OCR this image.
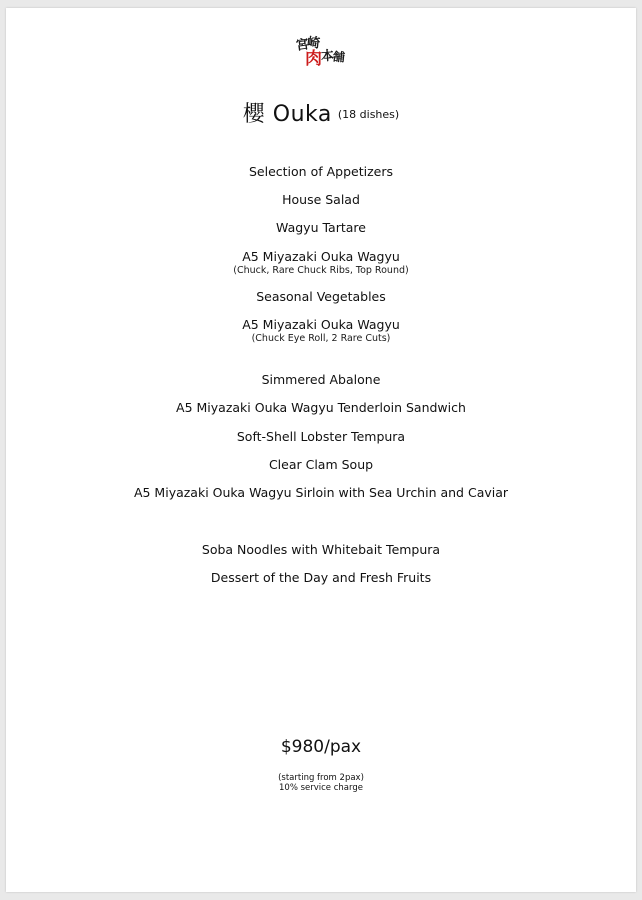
宮
崎
肉
本
舗
櫻 Ouka (18 dishes)
Selection of Appetizers
House Salad
Wagyu Tartare
A5 Miyazaki Ouka Wagyu
(Chuck, Rare Chuck Ribs, Top Round)
Seasonal Vegetables
A5 Miyazaki Ouka Wagyu
(Chuck Eye Roll, 2 Rare Cuts)
Simmered Abalone
A5 Miyazaki Ouka Wagyu Tenderloin Sandwich
Soft-Shell Lobster Tempura
Clear Clam Soup
A5 Miyazaki Ouka Wagyu Sirloin with Sea Urchin and Caviar
Soba Noodles with Whitebait Tempura
Dessert of the Day and Fresh Fruits
$980/pax
(starting from 2pax)
10% service charge
